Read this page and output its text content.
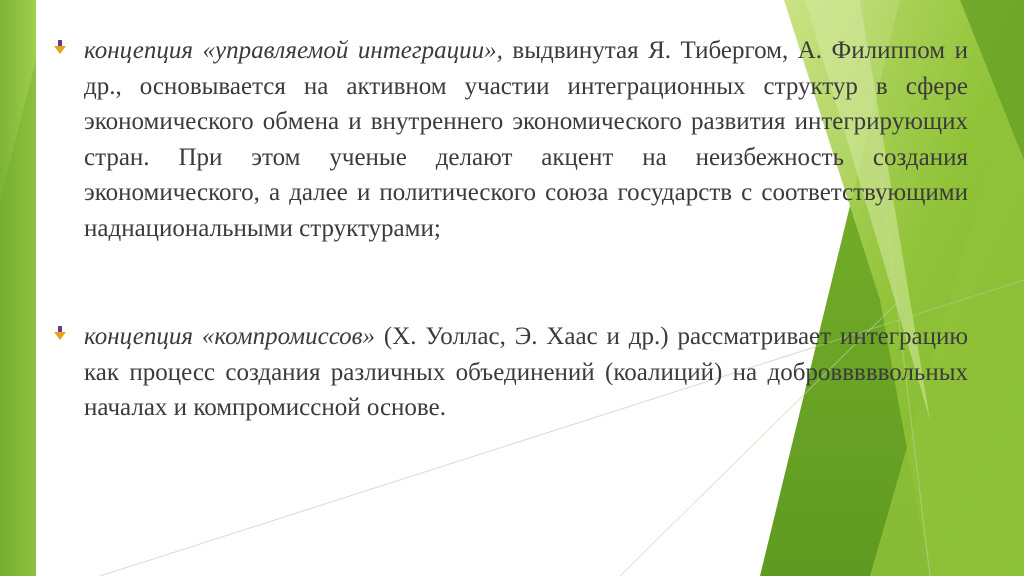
концепция «управляемой интеграции», выдвинутая Я. Тибергом, А. Филиппом и др., основывается на активном участии интеграционных структур в сфере экономического обмена и внутреннего экономического развития интегрирующих стран. При этом ученые делают акцент на неизбежность создания экономического, а далее и политического союза государств с соответствующими наднациональными структурами;
концепция «компромиссов» (Х. Уоллас, Э. Хаас и др.) рассматривает интеграцию как процесс создания различных объединений (коалиций) на добровввввольных началах и компромиссной основе.
